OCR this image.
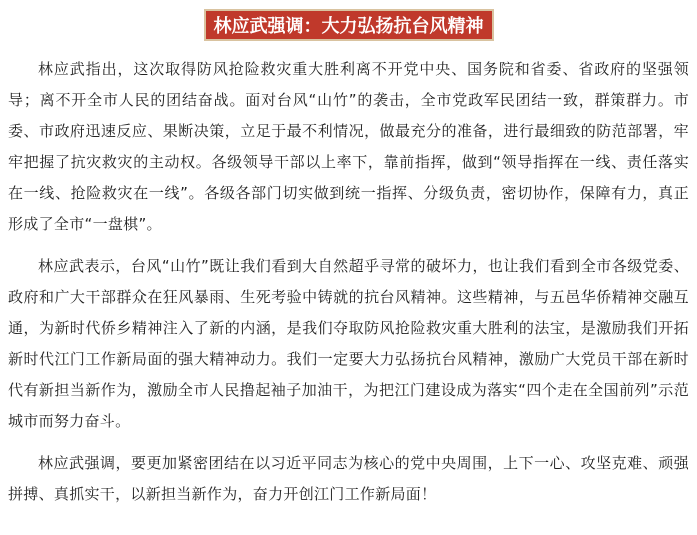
林应武强调：大力弘扬抗台风精神

林应武指出，这次取得防风抢险救灾重大胜利离不开党中央、国务院和省委、省政府的坚强领导；离不开全市人民的团结奋战。面对台风“山竹”的袭击，全市党政军民团结一致，群策群力。市委、市政府迅速反应、果断决策，立足于最不利情况，做最充分的准备，进行最细致的防范部署，牢牢把握了抗灾救灾的主动权。各级领导干部以上率下，靠前指挥，做到“领导指挥在一线、责任落实在一线、抢险救灾在一线”。各级各部门切实做到统一指挥、分级负责，密切协作，保障有力，真正形成了全市“一盘棋”。

林应武表示，台风“山竹”既让我们看到大自然超乎寻常的破坏力，也让我们看到全市各级党委、政府和广大干部群众在狂风暴雨、生死考验中铸就的抗台风精神。这些精神，与五邑华侨精神交融互通，为新时代侨乡精神注入了新的内涵，是我们夺取防风抢险救灾重大胜利的法宝，是激励我们开拓新时代江门工作新局面的强大精神动力。我们一定要大力弘扬抗台风精神，激励广大党员干部在新时代有新担当新作为，激励全市人民撸起袖子加油干，为把江门建设成为落实“四个走在全国前列”示范城市而努力奋斗。

林应武强调，要更加紧密团结在以习近平同志为核心的党中央周围，上下一心、攻坚克难、顽强拼搏、真抓实干，以新担当新作为，奋力开创江门工作新局面！
